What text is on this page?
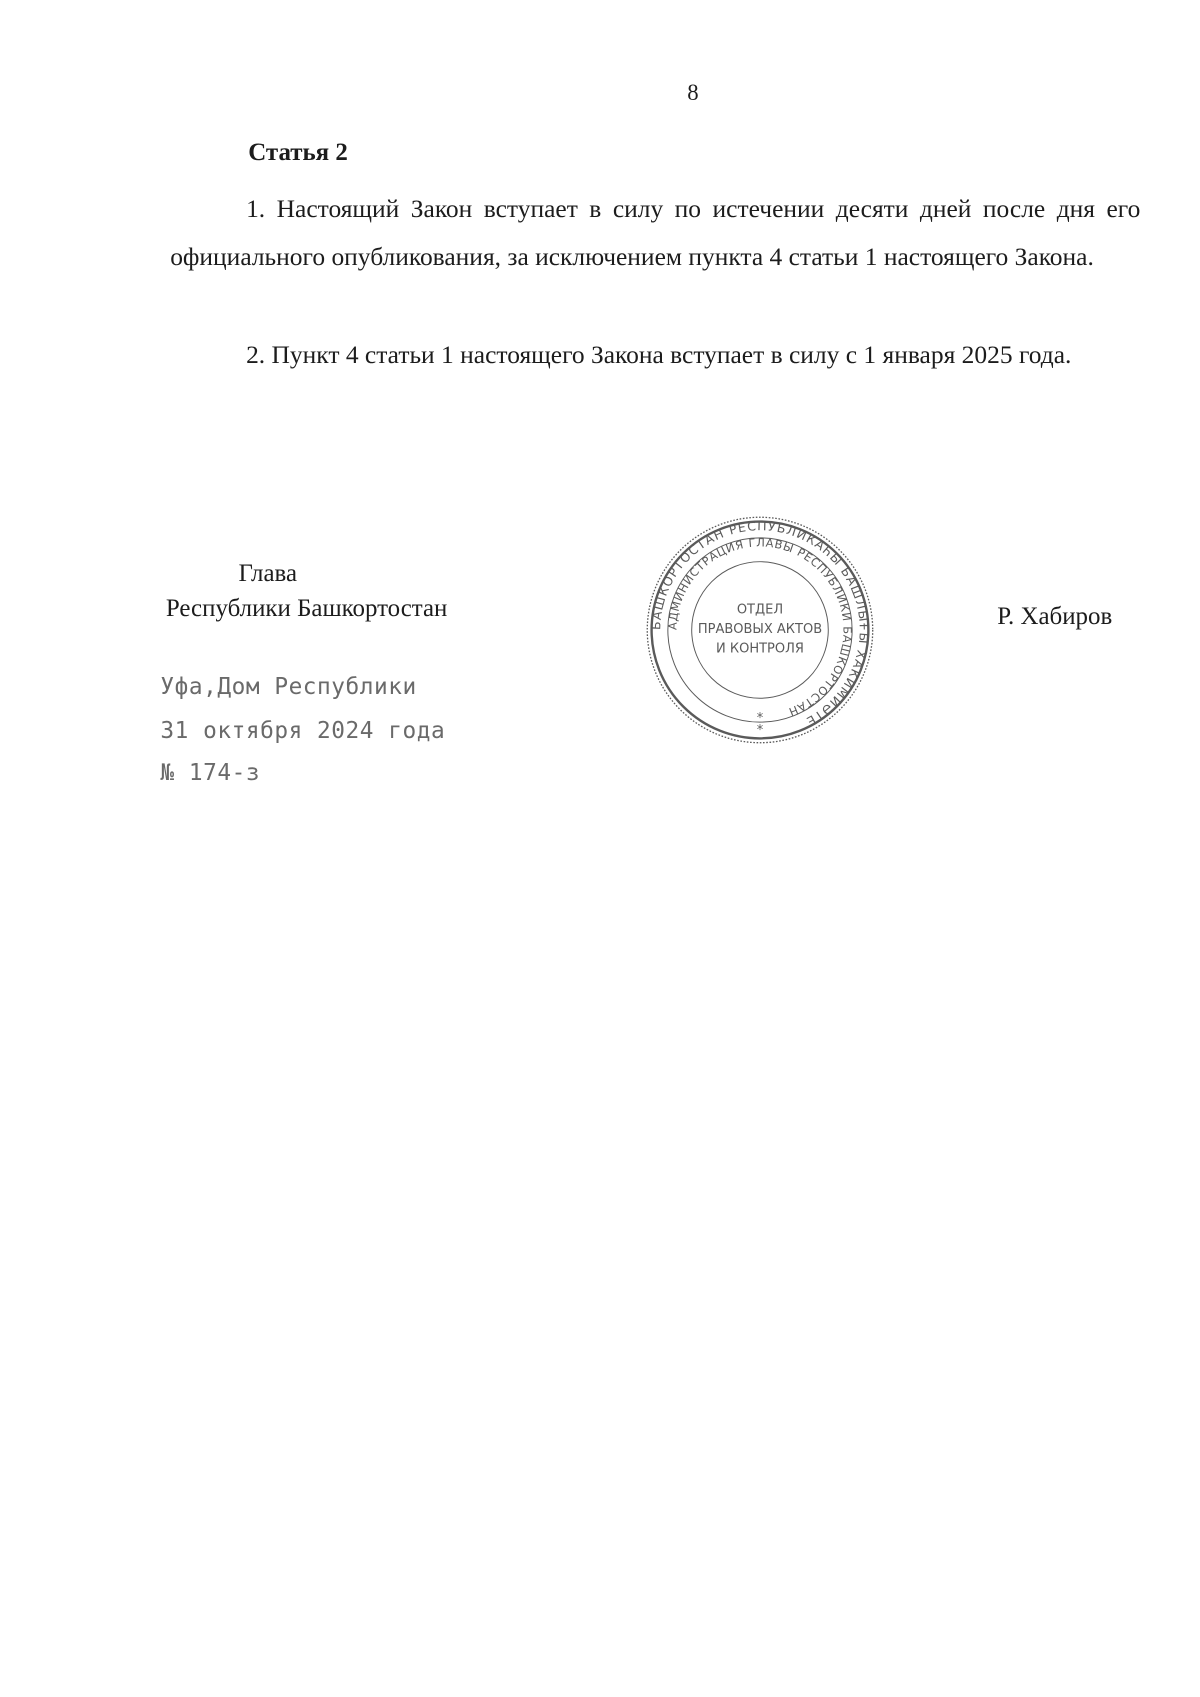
8
Статья 2

1. Настоящий Закон вступает в силу по истечении десяти дней после дня его официального опубликования, за исключением пункта 4 статьи 1 настоящего Закона.

2. Пункт 4 статьи 1 настоящего Закона вступает в силу с 1 января 2025 года.

Глава
Республики Башкортостан	Р. Хабиров
БАШКОРТОСТАН РЕСПУБЛИКАҺЫ БАШЛЫҒЫ ХАКИМИӘТЕ
АДМИНИСТРАЦИЯ ГЛАВЫ РЕСПУБЛИКИ БАШКОРТОСТАН
ОТДЕЛ
ПРАВОВЫХ АКТОВ
И КОНТРОЛЯ
*
*
Уфа,Дом Республики
31 октября 2024 года
№ 174-з
